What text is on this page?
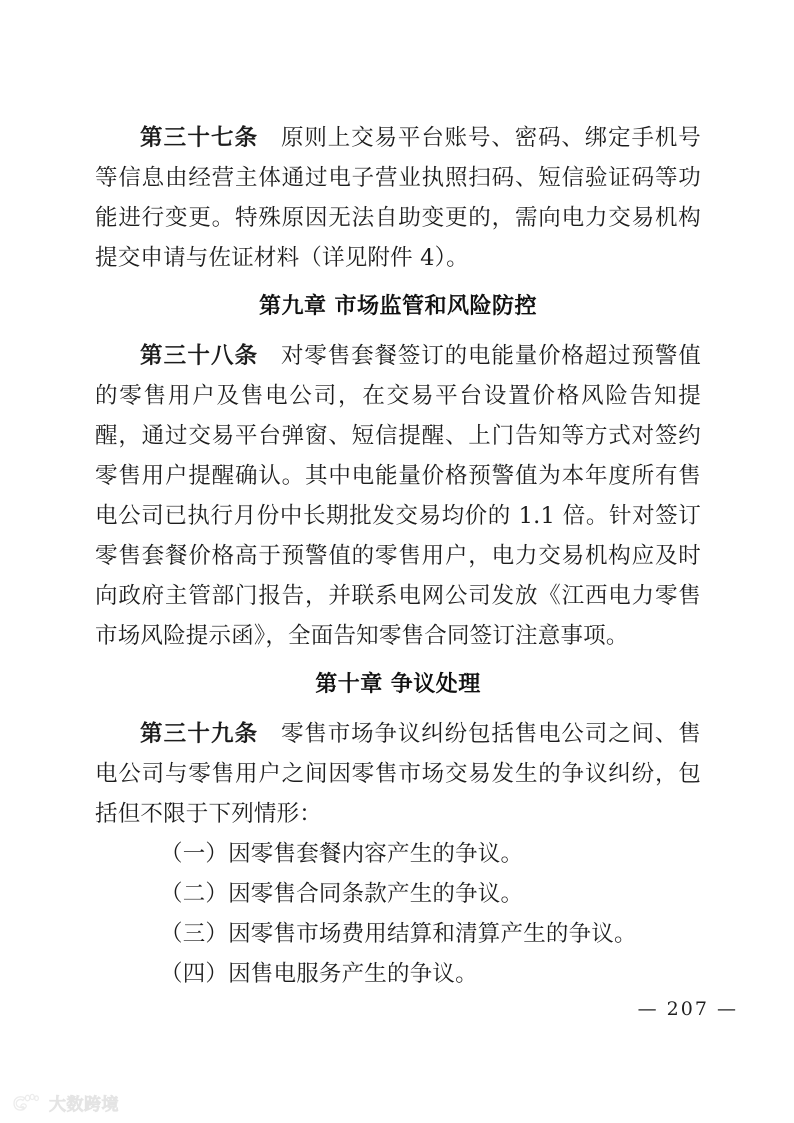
第三十七条 原则上交易平台账号、密码、绑定手机号等信息由经营主体通过电子营业执照扫码、短信验证码等功能进行变更。特殊原因无法自助变更的，需向电力交易机构提交申请与佐证材料（详见附件 4）。

第九章 市场监管和风险防控

第三十八条 对零售套餐签订的电能量价格超过预警值的零售用户及售电公司，在交易平台设置价格风险告知提醒，通过交易平台弹窗、短信提醒、上门告知等方式对签约零售用户提醒确认。其中电能量价格预警值为本年度所有售电公司已执行月份中长期批发交易均价的 1.1 倍。针对签订零售套餐价格高于预警值的零售用户，电力交易机构应及时向政府主管部门报告，并联系电网公司发放《江西电力零售市场风险提示函》，全面告知零售合同签订注意事项。

第十章 争议处理

第三十九条 零售市场争议纠纷包括售电公司之间、售电公司与零售用户之间因零售市场交易发生的争议纠纷，包括但不限于下列情形：

（一）因零售套餐内容产生的争议。

（二）因零售合同条款产生的争议。

（三）因零售市场费用结算和清算产生的争议。

（四）因售电服务产生的争议。

— 207 —
大数跨境
